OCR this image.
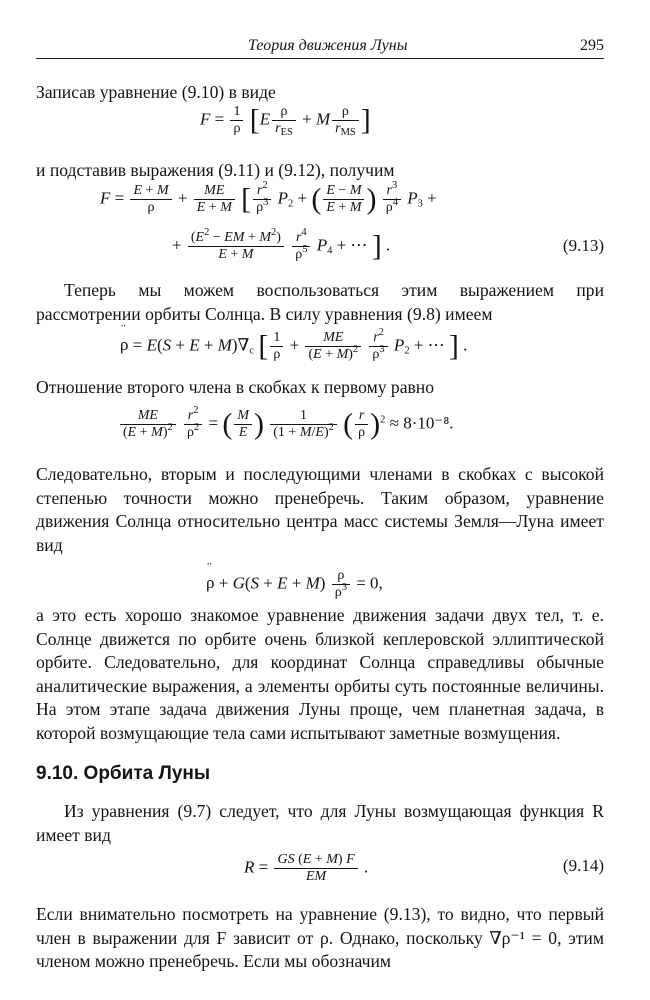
Теория движения Луны	295
Записав уравнение (9.10) в виде
$F = \frac{1}{\rho} [E \frac{\rho}{r_{ES}} + M \frac{\rho}{r_{MS}}$ ]
и подставив выражения (9.11) и (9.12), получим
$F = \frac{E + M}{\rho} + \frac{ME}{E + M}$ [ $\frac{r^2}{\rho^3} P_2$ + ( $\frac{E - M}{E + M}$ ) $\frac{r^3}{\rho^4} P_3$ +
+ $\frac{(E^2 - EM + M^2)}{E + M}$
$\frac{r^4}{\rho^5} P_4$ + ⋯ ] .	(9.13)

Теперь мы можем воспользоваться этим выражением при рассмотрении орбиты Солнца. В силу уравнения (9.8) имеем

¨ $\rho = E(S + E + M)\nabla_c$ [ $\frac{1}{\rho} + \frac{ME}{(E + M)^2}$
$\frac{r^2}{\rho^3} P_2$ + ⋯ ] .
Отношение второго члена в скобках к первому равно
$\frac{ME}{(E + M)^2}$
$\frac{r^2}{\rho^2}$ = ( $\frac{M}{E}$ ) $\frac{1}{(1 + M/E)^2}$ ( $\frac{r}{\rho} )^2 \approx 8\cdot 10^{-8}$.

Следовательно, вторым и последующими членами в скобках с высокой степенью точности можно пренебречь. Таким образом, уравнение движения Солнца относительно центра масс системы Земля—Луна имеет вид

¨ $\rho + G(S + E + M) \frac{\rho}{\rho^3} = 0$,

а это есть хорошо знакомое уравнение движения задачи двух тел, т. е. Солнце движется по орбите очень близкой кеплеровской эллиптической орбите. Следовательно, для координат Солнца справедливы обычные аналитические выражения, а элементы орбиты суть постоянные величины. На этом этапе задача движения Луны проще, чем планетная задача, в которой возмущающие тела сами испытывают заметные возмущения.

9.10. Орбита Луны

Из уравнения (9.7) следует, что для Луны возмущающая функция R имеет вид

$R = \frac{GS (E + M) F}{EM}$ .	(9.14)

Если внимательно посмотреть на уравнение (9.13), то видно, что первый член в выражении для F зависит от ρ. Однако, поскольку ∇ρ⁻¹ = 0, этим членом можно пренебречь. Если мы обозначим
